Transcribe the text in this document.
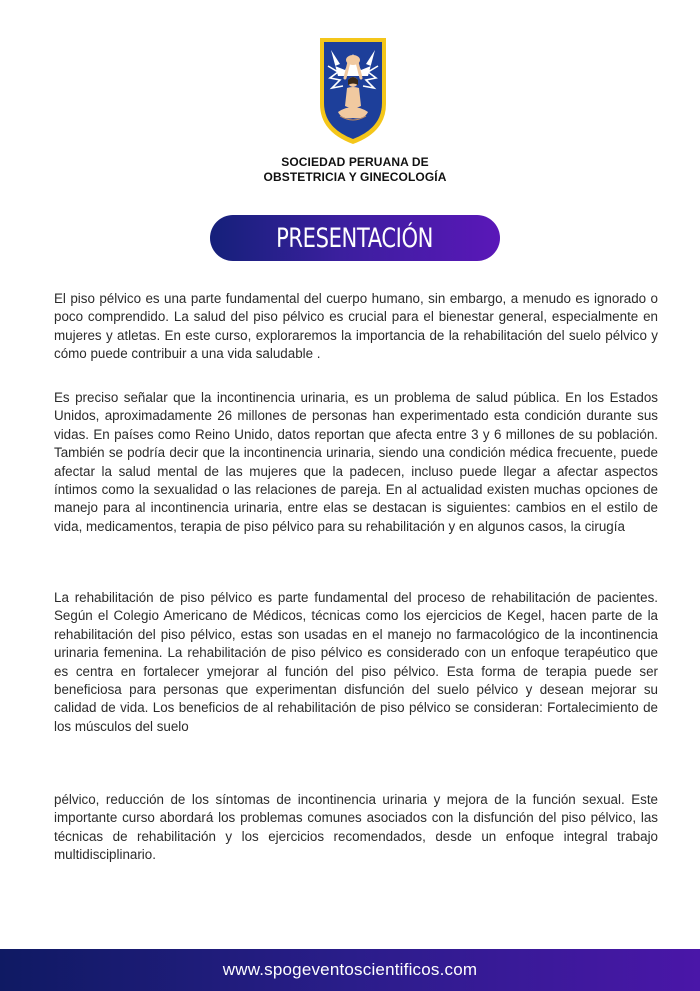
SOCIEDAD PERUANA DE
OBSTETRICIA Y GINECOLOGÍA
PRESENTACIÓN

El piso pélvico es una parte fundamental del cuerpo humano, sin embargo, a menudo es ignorado o poco comprendido. La salud del piso pélvico es crucial para el bienestar general, especialmente en mujeres y atletas. En este curso, exploraremos la importancia de la rehabilitación del suelo pélvico y cómo puede contribuir a una vida saludable .

Es preciso señalar que la incontinencia urinaria, es un problema de salud pública. En los Estados Unidos, aproximadamente 26 millones de personas han experimentado esta condición durante sus vidas. En países como Reino Unido, datos reportan que afecta entre 3 y 6 millones de su población. También se podría decir que la incontinencia urinaria, siendo una condición médica frecuente, puede afectar la salud mental de las mujeres que la padecen, incluso puede llegar a afectar aspectos íntimos como la sexualidad o las relaciones de pareja. En al actualidad existen muchas opciones de manejo para al incontinencia urinaria, entre elas se destacan is siguientes: cambios en el estilo de vida, medicamentos, terapia de piso pélvico para su rehabilitación y en algunos casos, la cirugía

La rehabilitación de piso pélvico es parte fundamental del proceso de rehabilitación de pacientes. Según el Colegio Americano de Médicos, técnicas como los ejercicios de Kegel, hacen parte de la rehabilitación del piso pélvico, estas son usadas en el manejo no farmacológico de la incontinencia urinaria femenina. La rehabilitación de piso pélvico es considerado con un enfoque terapéutico que es centra en fortalecer ymejorar al función del piso pélvico. Esta forma de terapia puede ser beneficiosa para personas que experimentan disfunción del suelo pélvico y desean mejorar su calidad de vida. Los beneficios de al rehabilitación de piso pélvico se consideran: Fortalecimiento de los músculos del suelo

pélvico, reducción de los síntomas de incontinencia urinaria y mejora de la función sexual. Este importante curso abordará los problemas comunes asociados con la disfunción del piso pélvico, las técnicas de rehabilitación y los ejercicios recomendados, desde un enfoque integral trabajo multidisciplinario.

www.spogeventoscientificos.com
